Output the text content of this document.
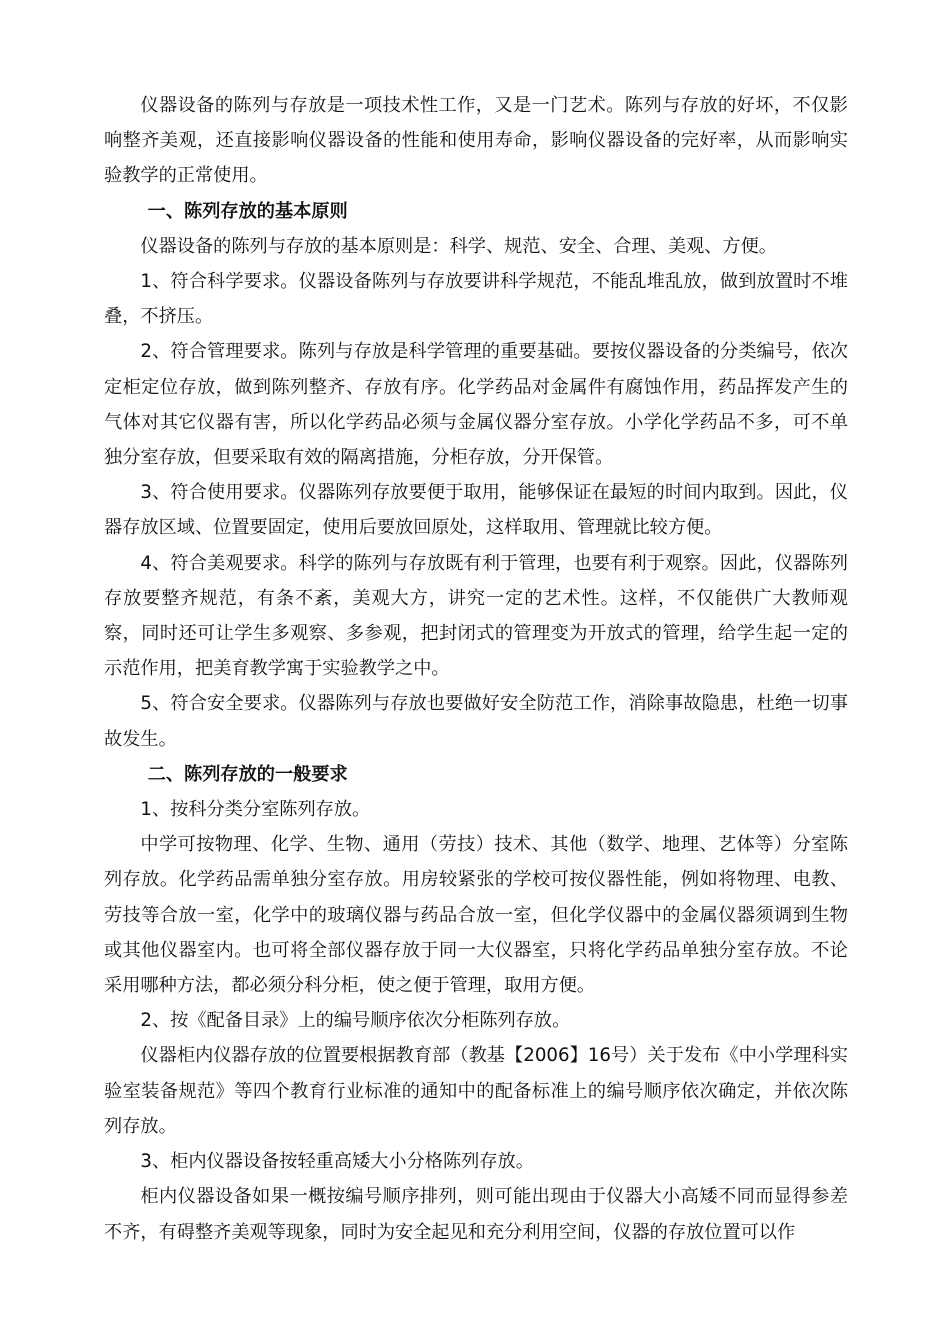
仪器设备的陈列与存放是一项技术性工作，又是一门艺术。陈列与存放的好坏，不仅影响整齐美观，还直接影响仪器设备的性能和使用寿命，影响仪器设备的完好率，从而影响实验教学的正常使用。

一、陈列存放的基本原则

仪器设备的陈列与存放的基本原则是：科学、规范、安全、合理、美观、方便。

1、符合科学要求。仪器设备陈列与存放要讲科学规范，不能乱堆乱放，做到放置时不堆叠，不挤压。

2、符合管理要求。陈列与存放是科学管理的重要基础。要按仪器设备的分类编号，依次定柜定位存放，做到陈列整齐、存放有序。化学药品对金属件有腐蚀作用，药品挥发产生的气体对其它仪器有害，所以化学药品必须与金属仪器分室存放。小学化学药品不多，可不单独分室存放，但要采取有效的隔离措施，分柜存放，分开保管。

3、符合使用要求。仪器陈列存放要便于取用，能够保证在最短的时间内取到。因此，仪器存放区域、位置要固定，使用后要放回原处，这样取用、管理就比较方便。

4、符合美观要求。科学的陈列与存放既有利于管理，也要有利于观察。因此，仪器陈列存放要整齐规范，有条不紊，美观大方，讲究一定的艺术性。这样，不仅能供广大教师观察，同时还可让学生多观察、多参观，把封闭式的管理变为开放式的管理，给学生起一定的示范作用，把美育教学寓于实验教学之中。

5、符合安全要求。仪器陈列与存放也要做好安全防范工作，消除事故隐患，杜绝一切事故发生。

二、陈列存放的一般要求

1、按科分类分室陈列存放。

中学可按物理、化学、生物、通用（劳技）技术、其他（数学、地理、艺体等）分室陈列存放。化学药品需单独分室存放。用房较紧张的学校可按仪器性能，例如将物理、电教、劳技等合放一室，化学中的玻璃仪器与药品合放一室，但化学仪器中的金属仪器须调到生物或其他仪器室内。也可将全部仪器存放于同一大仪器室，只将化学药品单独分室存放。不论采用哪种方法，都必须分科分柜，使之便于管理，取用方便。

2、按《配备目录》上的编号顺序依次分柜陈列存放。

仪器柜内仪器存放的位置要根据教育部（教基【2006】16号）关于发布《中小学理科实验室装备规范》等四个教育行业标准的通知中的配备标准上的编号顺序依次确定，并依次陈列存放。

3、柜内仪器设备按轻重高矮大小分格陈列存放。

柜内仪器设备如果一概按编号顺序排列，则可能出现由于仪器大小高矮不同而显得参差不齐，有碍整齐美观等现象，同时为安全起见和充分利用空间，仪器的存放位置可以作
